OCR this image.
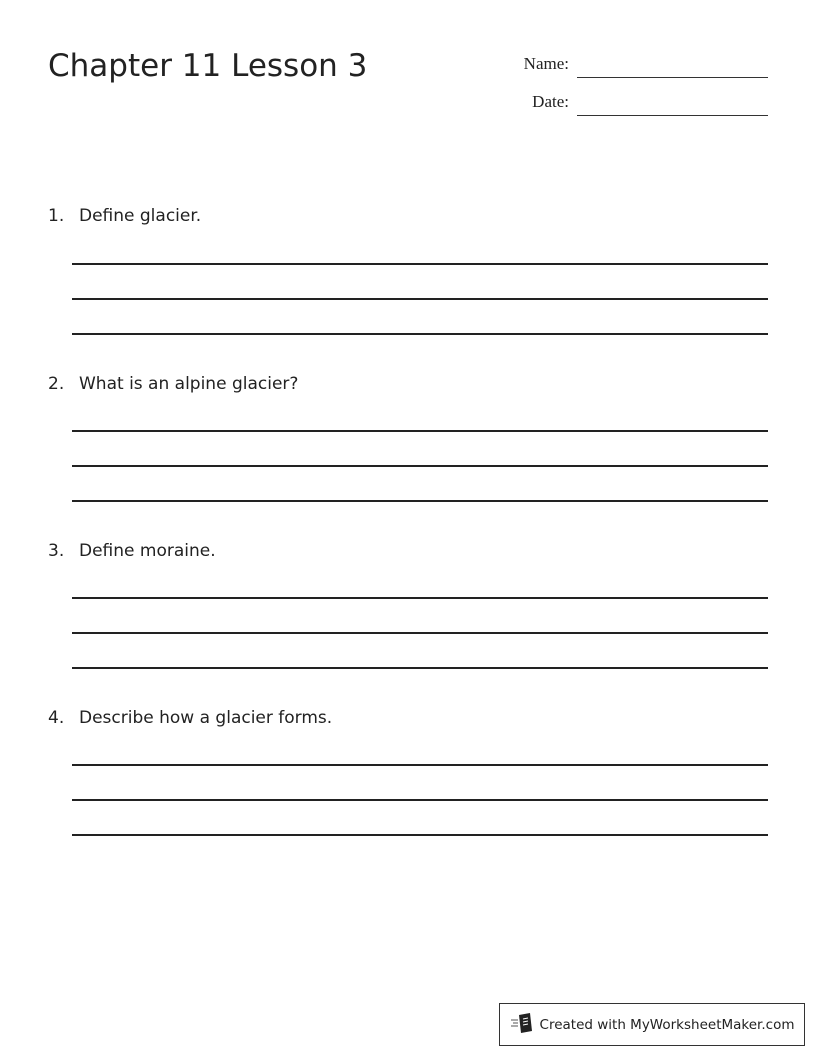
Chapter 11 Lesson 3	Name:
Date:
1. Define glacier.
2. What is an alpine glacier?
3. Define moraine.
4. Describe how a glacier forms.
Created with MyWorksheetMaker.com
